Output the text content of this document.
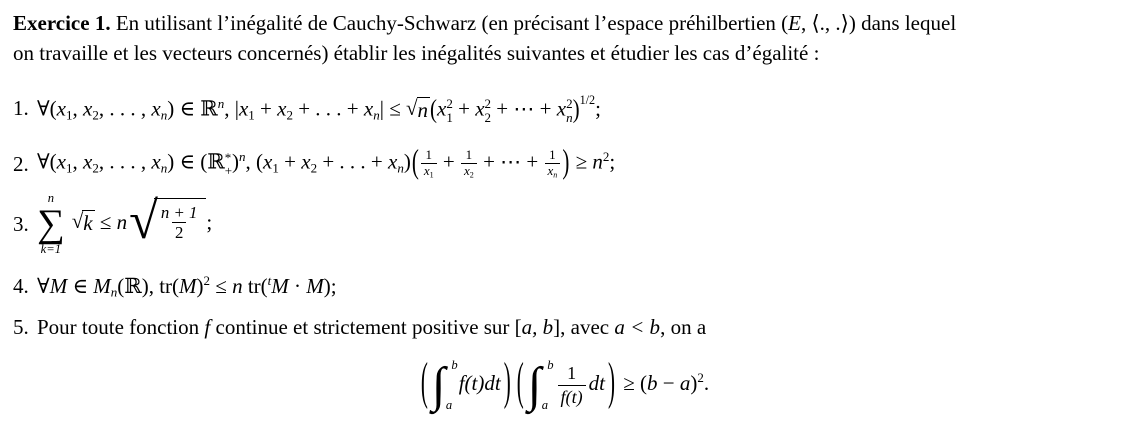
Exercice 1. En utilisant l’inégalité de Cauchy-Schwarz (en précisant l’espace préhilbertien (E, ⟨., .⟩) dans lequel
on travaille et les vecteurs concernés) établir les inégalités suivantes et étudier les cas d’égalité :
1. ∀(x1, x2, . . . , xn) ∈ ℝ$^n$, |x1 + x2 + . . . + xn| ≤ √ n (x 2
1 + x 2
2 + ⋯ + x 2
n )$^{1/2}$;
2. ∀(x1, x2, . . . , xn) ∈ (ℝ *
+ )$^n$, (x1 + x2 + . . . + $xn)( \frac{1}{x1} + \frac{1}{x2}$ + ⋯ + $\frac{1}{xn}$ ) ≥ $n^2$;
3.
n
∑
k=1
√ k ≤ n √ $\frac{n + 1}{2}$ ;
4. ∀M ∈ Mn(ℝ), $tr(M)^2 \le n$ tr($^t$M · M);
5. Pour toute fonction f continue et strictement positive sur [a, b], avec a < b, on a
( ∫ b
a
f(t)dt ) ( ∫ b
a $\frac{1}{f(t)}$ dt ) ≥ $(b - a)^2$.
